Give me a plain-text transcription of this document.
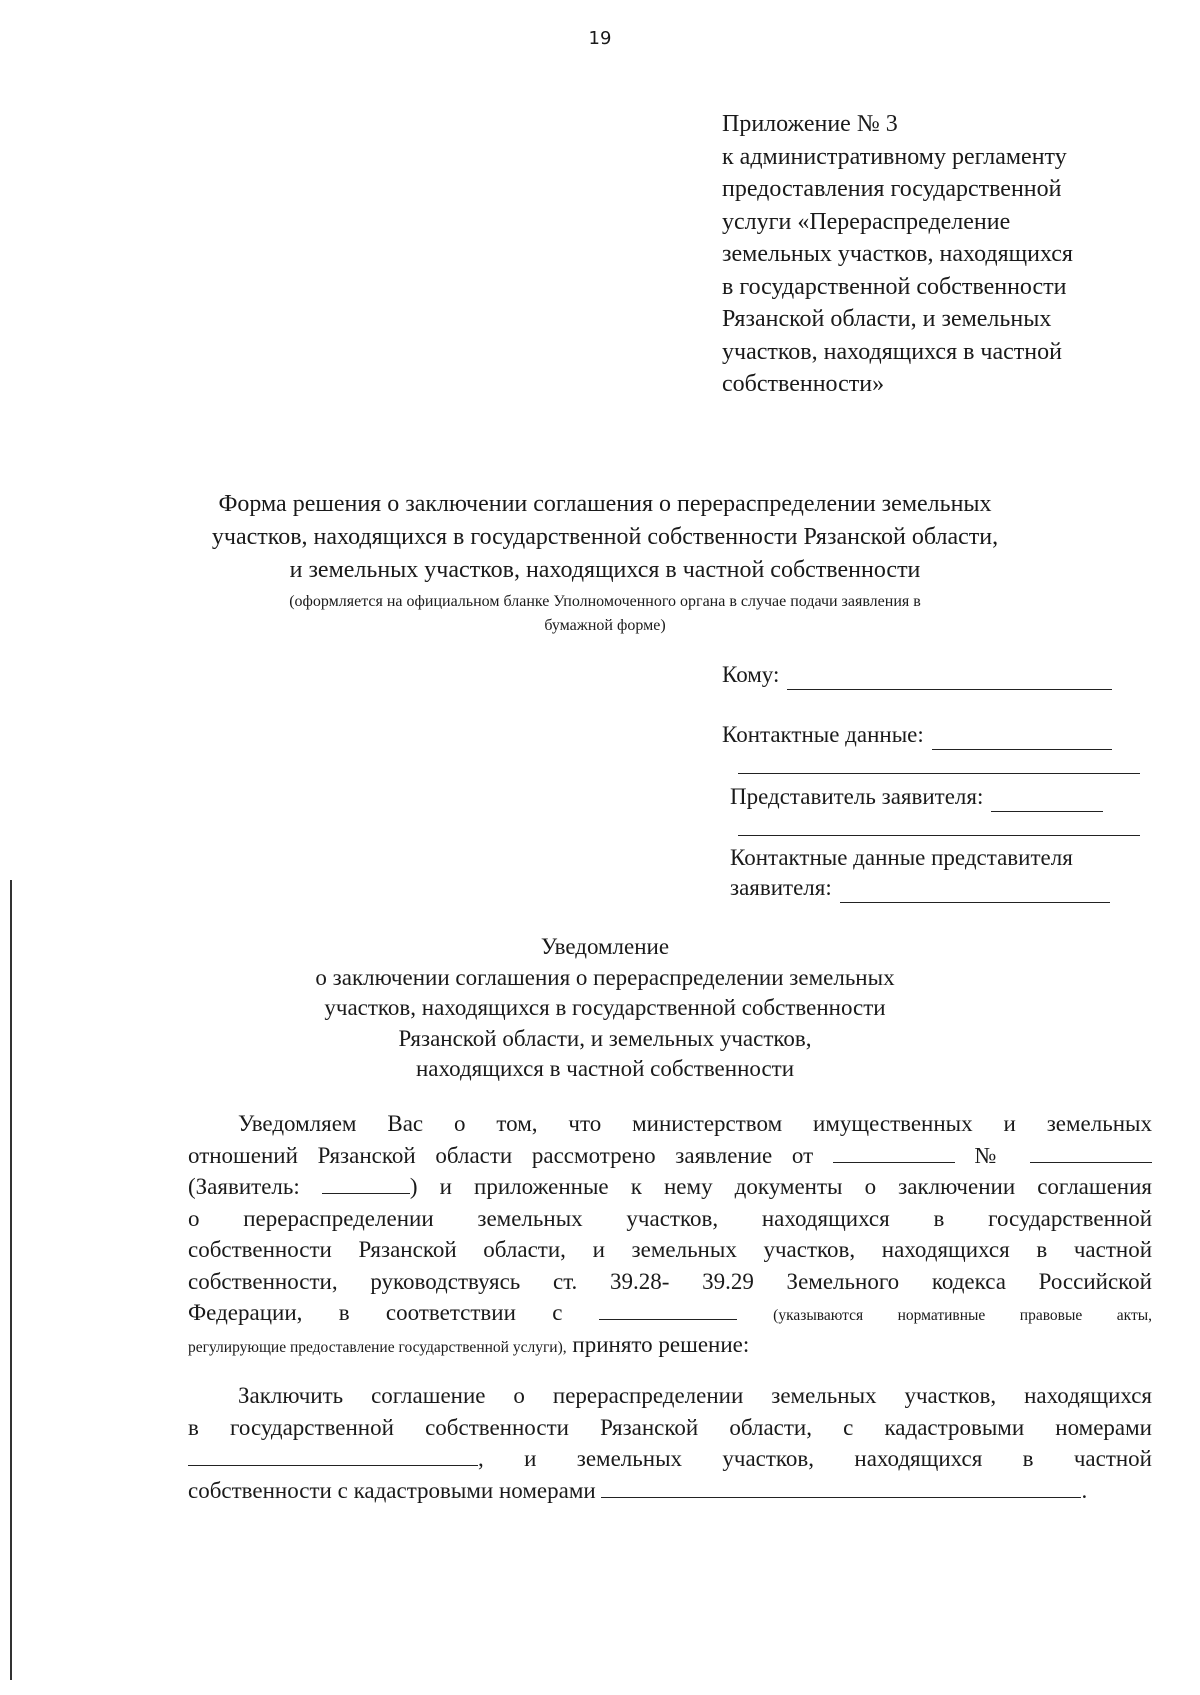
19
Приложение № 3
к административному регламенту
предоставления государственной
услуги «Перераспределение
земельных участков, находящихся
в государственной собственности
Рязанской области, и земельных
участков, находящихся в частной
собственности»
Форма решения о заключении соглашения о перераспределении земельных
участков, находящихся в государственной собственности Рязанской области,
и земельных участков, находящихся в частной собственности
(оформляется на официальном бланке Уполномоченного органа в случае подачи заявления в
бумажной форме)
Кому:
Контактные данные:
Представитель заявителя:
Контактные данные представителя
заявителя:
Уведомление
о заключении соглашения о перераспределении земельных
участков, находящихся в государственной собственности
Рязанской области, и земельных участков,
находящихся в частной собственности
Уведомляем Вас о том, что министерством имущественных и земельных
отношений Рязанской области рассмотрено заявление от	№
(Заявитель:	) и приложенные к нему документы о заключении соглашения
о перераспределении земельных участков, находящихся в государственной
собственности Рязанской области, и земельных участков, находящихся в частной
собственности, руководствуясь ст. 39.28- 39.29 Земельного кодекса Российской
Федерации, в соответствии с	(указываются нормативные правовые акты,
регулирующие предоставление государственной услуги), принято решение:
Заключить соглашение о перераспределении земельных участков, находящихся
в государственной собственности Рязанской области, с кадастровыми номерами
, и земельных участков, находящихся в частной
собственности с кадастровыми номерами	.
